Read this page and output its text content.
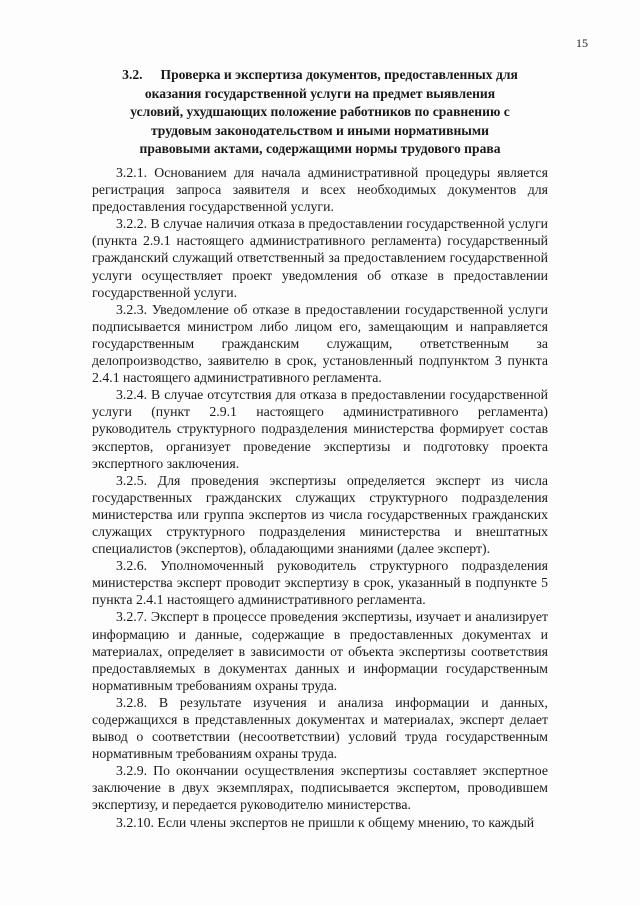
15
3.2. Проверка и экспертиза документов, предоставленных для оказания государственной услуги на предмет выявления условий, ухудшающих положение работников по сравнению с трудовым законодательством и иными нормативными правовыми актами, содержащими нормы трудового права

3.2.1. Основанием для начала административной процедуры является регистрация запроса заявителя и всех необходимых документов для предоставления государственной услуги.

3.2.2. В случае наличия отказа в предоставлении государственной услуги (пункта 2.9.1 настоящего административного регламента) государственный гражданский служащий ответственный за предоставлением государственной услуги осуществляет проект уведомления об отказе в предоставлении государственной услуги.

3.2.3. Уведомление об отказе в предоставлении государственной услуги подписывается министром либо лицом его, замещающим и направляется государственным гражданским служащим, ответственным за делопроизводство, заявителю в срок, установленный подпунктом 3 пункта 2.4.1 настоящего административного регламента.

3.2.4. В случае отсутствия для отказа в предоставлении государственной услуги (пункт 2.9.1 настоящего административного регламента) руководитель структурного подразделения министерства формирует состав экспертов, организует проведение экспертизы и подготовку проекта экспертного заключения.

3.2.5. Для проведения экспертизы определяется эксперт из числа государственных гражданских служащих структурного подразделения министерства или группа экспертов из числа государственных гражданских служащих структурного подразделения министерства и внештатных специалистов (экспертов), обладающими знаниями (далее эксперт).

3.2.6. Уполномоченный руководитель структурного подразделения министерства эксперт проводит экспертизу в срок, указанный в подпункте 5 пункта 2.4.1 настоящего административного регламента.

3.2.7. Эксперт в процессе проведения экспертизы, изучает и анализирует информацию и данные, содержащие в предоставленных документах и материалах, определяет в зависимости от объекта экспертизы соответствия предоставляемых в документах данных и информации государственным нормативным требованиям охраны труда.

3.2.8. В результате изучения и анализа информации и данных, содержащихся в представленных документах и материалах, эксперт делает вывод о соответствии (несоответствии) условий труда государственным нормативным требованиям охраны труда.

3.2.9. По окончании осуществления экспертизы составляет экспертное заключение в двух экземплярах, подписывается экспертом, проводившем экспертизу, и передается руководителю министерства.

3.2.10. Если члены экспертов не пришли к общему мнению, то каждый
